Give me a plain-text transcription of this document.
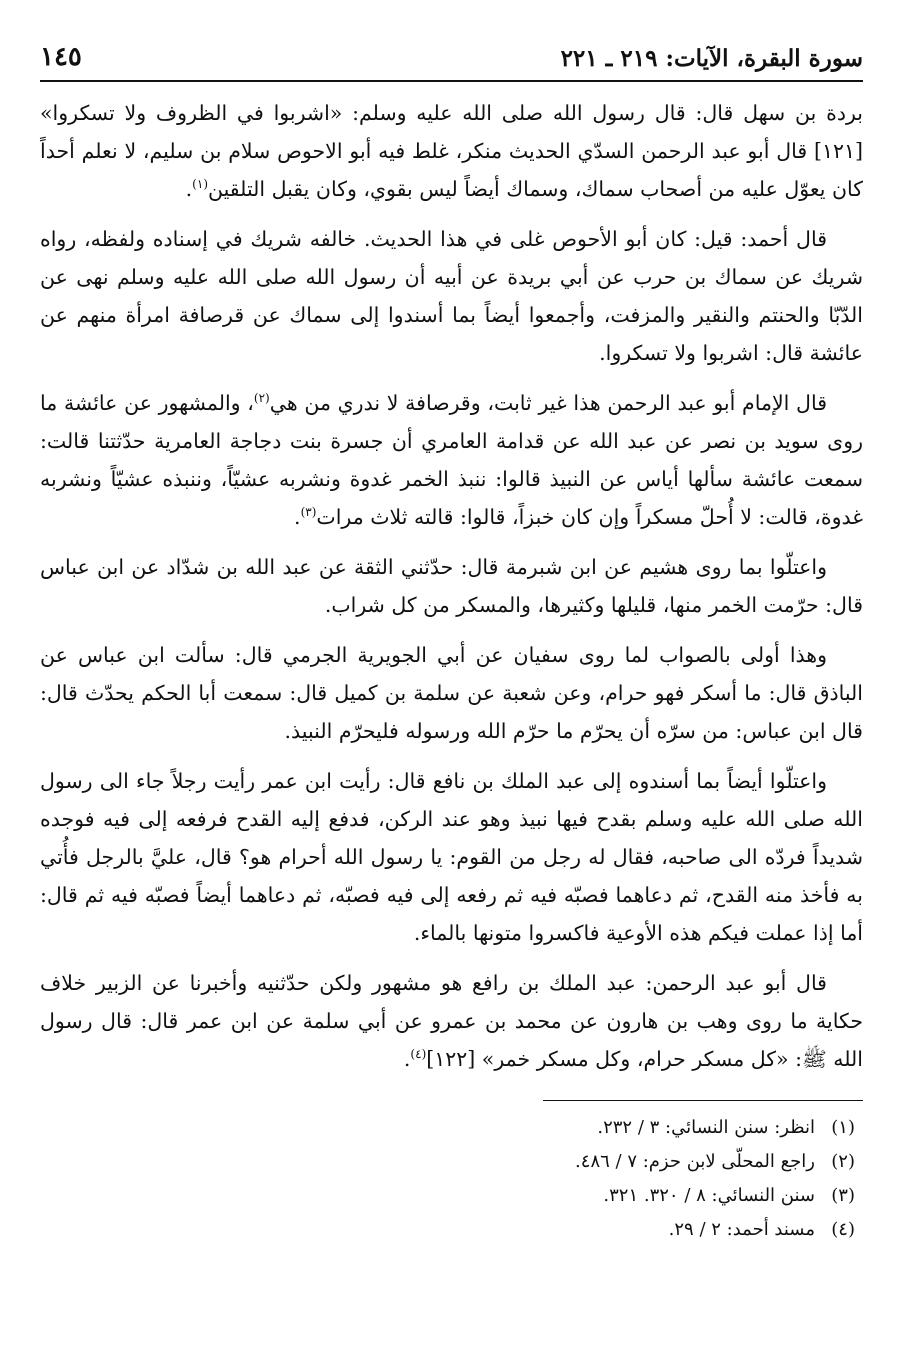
سورة البقرة، الآيات: ٢١٩ ـ ٢٢١
١٤٥

بردة بن سهل قال: قال رسول الله صلى الله عليه وسلم: «اشربوا في الظروف ولا تسكروا» [١٢١] قال أبو عبد الرحمن السدّي الحديث منكر، غلط فيه أبو الاحوص سلام بن سليم، لا نعلم أحداً كان يعوّل عليه من أصحاب سماك، وسماك أيضاً ليس بقوي، وكان يقبل التلقين$^{(١)}$.

قال أحمد: قيل: كان أبو الأحوص غلى في هذا الحديث. خالفه شريك في إسناده ولفظه، رواه شريك عن سماك بن حرب عن أبي بريدة عن أبيه أن رسول الله صلى الله عليه وسلم نهى عن الدّبّا والحنتم والنقير والمزفت، وأجمعوا أيضاً بما أسندوا إلى سماك عن قرصافة امرأة منهم عن عائشة قال: اشربوا ولا تسكروا.

قال الإمام أبو عبد الرحمن هذا غير ثابت، وقرصافة لا ندري من هي$^{(٢)}$، والمشهور عن عائشة ما روى سويد بن نصر عن عبد الله عن قدامة العامري أن جسرة بنت دجاجة العامرية حدّثتنا قالت: سمعت عائشة سألها أياس عن النبيذ قالوا: ننبذ الخمر غدوة ونشربه عشيّاً، وننبذه عشيّاً ونشربه غدوة، قالت: لا أُحلّ مسكراً وإن كان خبزاً، قالوا: قالته ثلاث مرات$^{(٣)}$.

واعتلّوا بما روى هشيم عن ابن شبرمة قال: حدّثني الثقة عن عبد الله بن شدّاد عن ابن عباس قال: حرّمت الخمر منها، قليلها وكثيرها، والمسكر من كل شراب.

وهذا أولى بالصواب لما روى سفيان عن أبي الجويرية الجرمي قال: سألت ابن عباس عن الباذق قال: ما أسكر فهو حرام، وعن شعبة عن سلمة بن كميل قال: سمعت أبا الحكم يحدّث قال: قال ابن عباس: من سرّه أن يحرّم ما حرّم الله ورسوله فليحرّم النبيذ.

واعتلّوا أيضاً بما أسندوه إلى عبد الملك بن نافع قال: رأيت ابن عمر رأيت رجلاً جاء الى رسول الله صلى الله عليه وسلم بقدح فيها نبيذ وهو عند الركن، فدفع إليه القدح فرفعه إلى فيه فوجده شديداً فردّه الى صاحبه، فقال له رجل من القوم: يا رسول الله أحرام هو؟ قال، عليَّ بالرجل فأُتي به فأخذ منه القدح، ثم دعاهما فصبّه فيه ثم رفعه إلى فيه فصبّه، ثم دعاهما أيضاً فصبّه فيه ثم قال: أما إذا عملت فيكم هذه الأوعية فاكسروا متونها بالماء.

قال أبو عبد الرحمن: عبد الملك بن رافع هو مشهور ولكن حدّثنيه وأخبرنا عن الزبير خلاف حكاية ما روى وهب بن هارون عن محمد بن عمرو عن أبي سلمة عن ابن عمر قال: قال رسول الله ﷺ: «كل مسكر حرام، وكل مسكر خمر» [١٢٢]$^{(٤)}$.

(١)
انظر: سنن النسائي: ٣ / ٢٣٢.
(٢)
راجع المحلّى لابن حزم: ٧ / ٤٨٦.
(٣)
سنن النسائي: ٨ / ٣٢٠. ٣٢١.
(٤)
مسند أحمد: ٢ / ٢٩.
